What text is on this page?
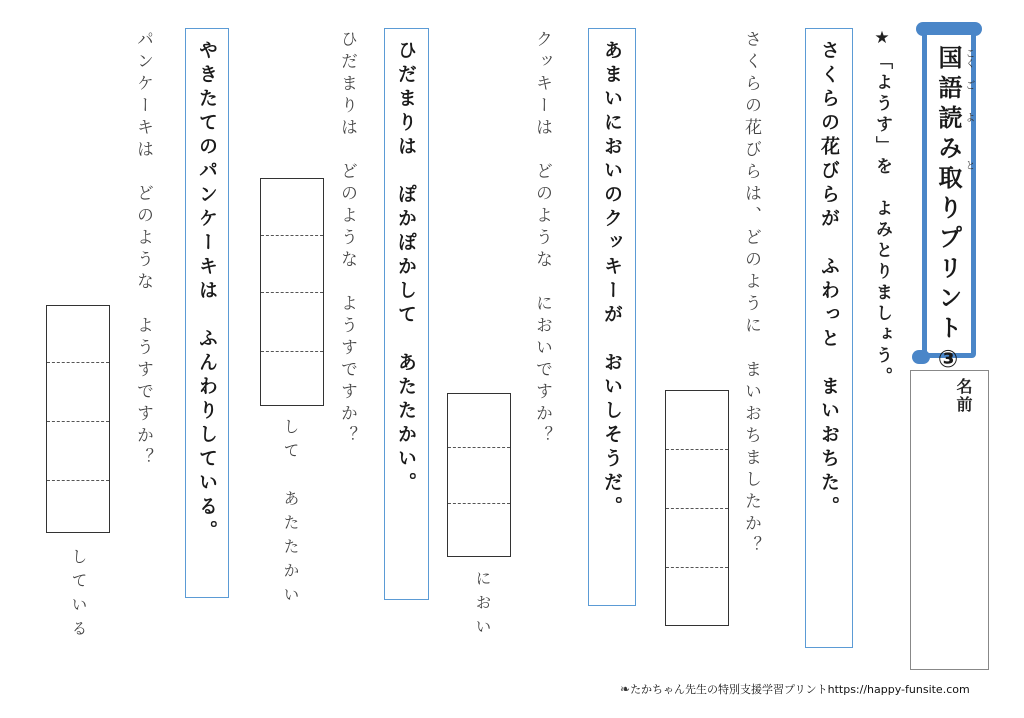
国語読み取りプリント③ こく
ご
よ
と
名前
★「ようす」を　よみとりましょう。
さくらの花びらが　ふわっと　まいおちた。
さくらの花びらは、どのように　まいおちましたか？
あまいにおいのクッキーが　おいしそうだ。
クッキーは　どのような　においですか？
におい
ひだまりは　ぽかぽかして　あたたかい。
ひだまりは　どのような　ようすですか？
して　あたたかい
やきたてのパンケーキは　ふんわりしている。
パンケーキは　どのような　ようすですか？
している
❧たかちゃん先生の特別支援学習プリントhttps://happy-funsite.com
